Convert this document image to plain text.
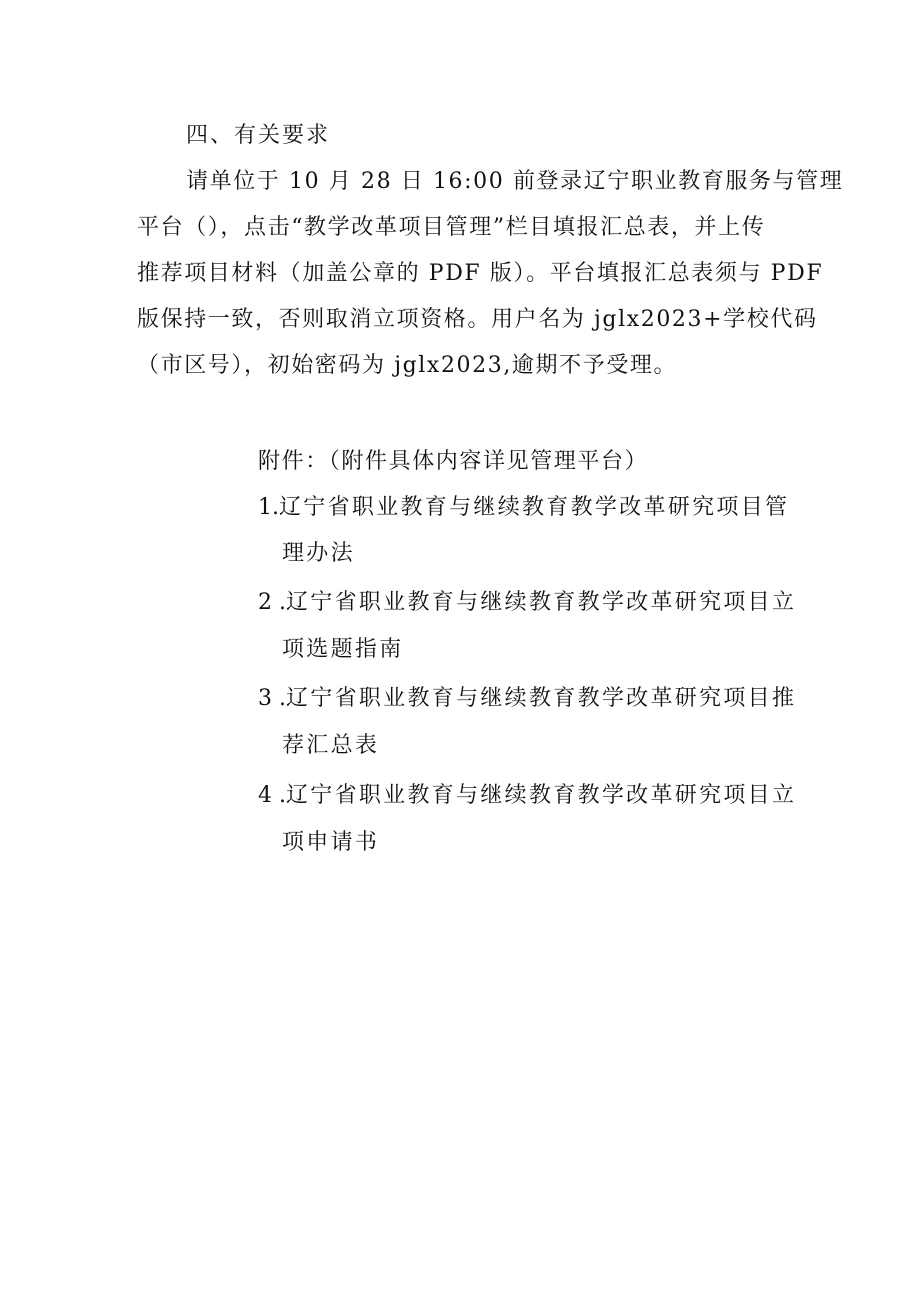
四、有关要求
请单位于 10 月 28 日 16:00 前登录辽宁职业教育服务与管理
平台（），点击“教学改革项目管理”栏目填报汇总表，并上传
推荐项目材料（加盖公章的 PDF 版）。平台填报汇总表须与 PDF
版保持一致，否则取消立项资格。用户名为 jglx2023+学校代码
（市区号），初始密码为 jglx2023,逾期不予受理。
附件：（附件具体内容详见管理平台）
1.辽宁省职业教育与继续教育教学改革研究项目管
理办法
2 .辽宁省职业教育与继续教育教学改革研究项目立
项选题指南
3 .辽宁省职业教育与继续教育教学改革研究项目推
荐汇总表
4 .辽宁省职业教育与继续教育教学改革研究项目立
项申请书
